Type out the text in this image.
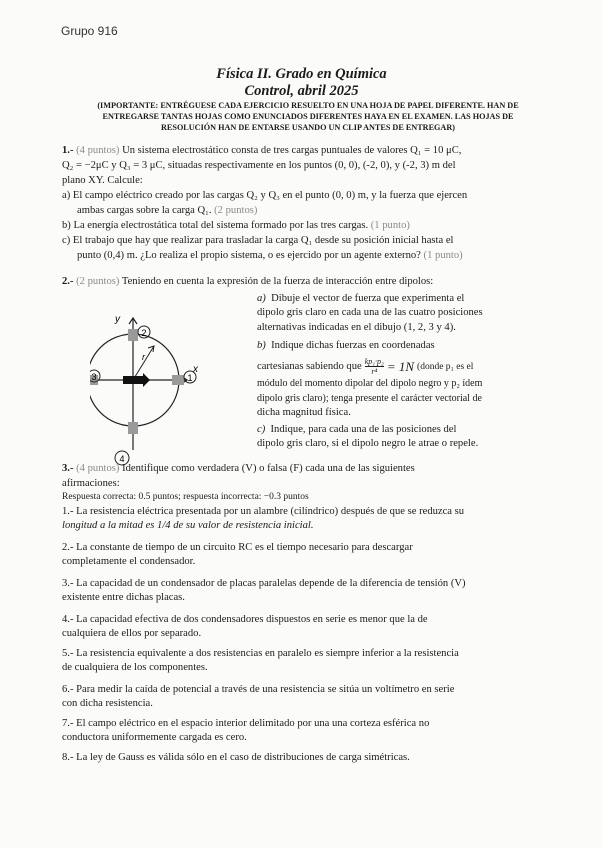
Grupo 916
Física II. Grado en Química
Control, abril 2025
(IMPORTANTE: ENTRÉGUESE CADA EJERCICIO RESUELTO EN UNA HOJA DE PAPEL DIFERENTE. HAN DE
ENTREGARSE TANTAS HOJAS COMO ENUNCIADOS DIFERENTES HAYA EN EL EXAMEN. LAS HOJAS DE
RESOLUCIÓN HAN DE ENTARSE USANDO UN CLIP ANTES DE ENTREGAR)
1.- (4 puntos) Un sistema electrostático consta de tres cargas puntuales de valores Q₁ = 10 μC,
Q₂ = −2μC y Q₃ = 3 μC, situadas respectivamente en los puntos (0, 0), (-2, 0), y (-2, 3) m del
plano XY. Calcule:
a) El campo eléctrico creado por las cargas Q₂ y Q₃ en el punto (0, 0) m, y la fuerza que ejercen
ambas cargas sobre la carga Q₁. (2 puntos)
b) La energía electrostática total del sistema formado por las tres cargas. (1 punto)
c) El trabajo que hay que realizar para trasladar la carga Q₁ desde su posición inicial hasta el
punto (0,4) m. ¿Lo realiza el propio sistema, o es ejercido por un agente externo? (1 punto)
2.- (2 puntos) Teniendo en cuenta la expresión de la fuerza de interacción entre dipolos:
1
2
3
4
x
y
r
a) Dibuje el vector de fuerza que experimenta el
dipolo gris claro en cada una de las cuatro posiciones
alternativas indicadas en el dibujo (1, 2, 3 y 4).
b) Indique dichas fuerzas en coordenadas
cartesianas sabiendo que $\frac{\text{kp₁·p₂}}{\text{r⁴}} = 1N$ (donde p₁ es el
módulo del momento dipolar del dipolo negro y p₂ ídem
dipolo gris claro); tenga presente el carácter vectorial de
dicha magnitud física.
c) Indique, para cada una de las posiciones del
dipolo gris claro, si el dipolo negro le atrae o repele.
3.- (4 puntos) Identifique como verdadera (V) o falsa (F) cada una de las siguientes
afirmaciones:
Respuesta correcta: 0.5 puntos; respuesta incorrecta: −0.3 puntos
1.- La resistencia eléctrica presentada por un alambre (cilíndrico) después de que se reduzca su
longitud a la mitad es 1/4 de su valor de resistencia inicial.
2.- La constante de tiempo de un circuito RC es el tiempo necesario para descargar
completamente el condensador.
3.- La capacidad de un condensador de placas paralelas depende de la diferencia de tensión (V)
existente entre dichas placas.
4.- La capacidad efectiva de dos condensadores dispuestos en serie es menor que la de
cualquiera de ellos por separado.
5.- La resistencia equivalente a dos resistencias en paralelo es siempre inferior a la resistencia
de cualquiera de los componentes.
6.- Para medir la caída de potencial a través de una resistencia se sitúa un voltímetro en serie
con dicha resistencia.
7.- El campo eléctrico en el espacio interior delimitado por una una corteza esférica no
conductora uniformemente cargada es cero.
8.- La ley de Gauss es válida sólo en el caso de distribuciones de carga simétricas.
